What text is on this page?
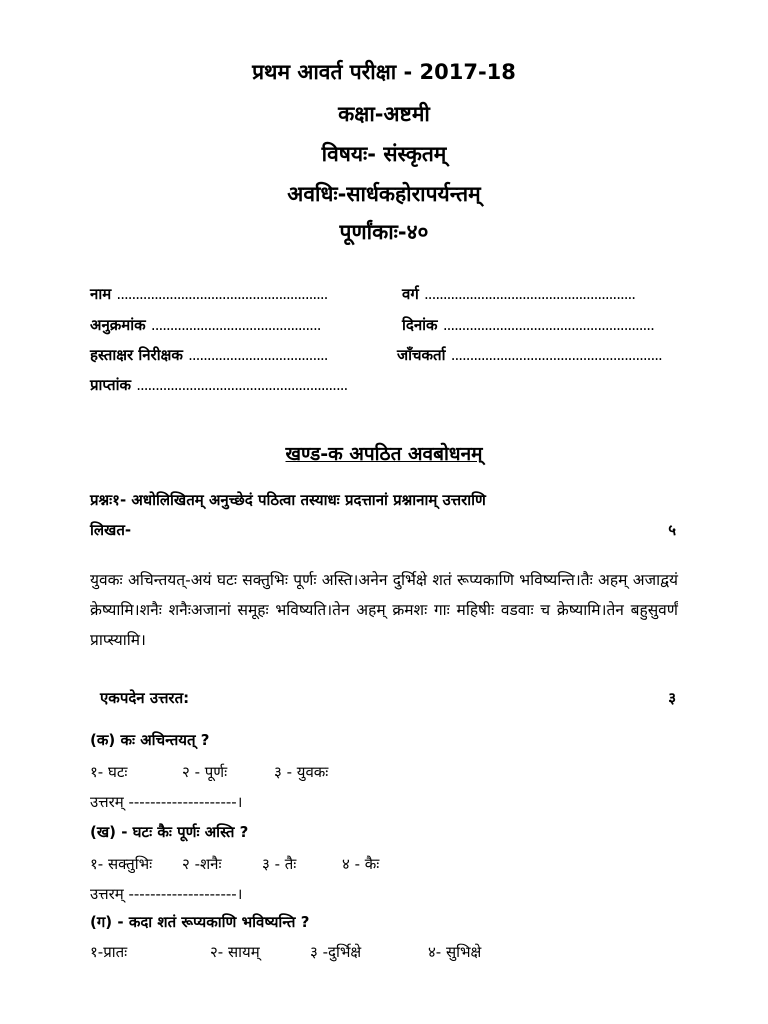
प्रथम आवर्त परीक्षा - 2017-18
कक्षा-अष्टमी
विषयः- संस्कृतम्
अवधिः-सार्धकहोरापर्यन्तम्
पूर्णांकाः-४०
नाम ........................................................	वर्ग ........................................................
अनुक्रमांक .............................................	दिनांक ........................................................
हस्ताक्षर निरीक्षक .....................................	जाँचकर्ता ........................................................
प्राप्तांक ........................................................
खण्ड-क अपठित अवबोधनम्
प्रश्नः१- अधोलिखितम् अनुच्छेदं पठित्वा तस्याधः प्रदत्तानां प्रश्नानाम् उत्तराणि
लिखत-	५
युवकः अचिन्तयत्-अयं घटः सक्तुभिः पूर्णः अस्ति।अनेन दुर्भिक्षे शतं रूप्यकाणि भविष्यन्ति।तैः अहम् अजाद्वयं क्रेष्यामि।शनैः शनैःअजानां समूहः भविष्यति।तेन अहम् क्रमशः गाः महिषीः वडवाः च क्रेष्यामि।तेन बहुसुवर्णं प्राप्स्यामि।
एकपदेन उत्तरत:	३
(क) कः अचिन्तयत् ?
१- घटः	२ - पूर्णः	३ - युवकः
उत्तरम् --------------------।
(ख) - घटः कैः पूर्णः अस्ति ?
१- सक्तुभिः २ -शनैः	३ - तैः	४ - कैः
उत्तरम् --------------------।
(ग) - कदा शतं रूप्यकाणि भविष्यन्ति ?
१-प्रातः	२- सायम्	३ -दुर्भिक्षे	४- सुभिक्षे
